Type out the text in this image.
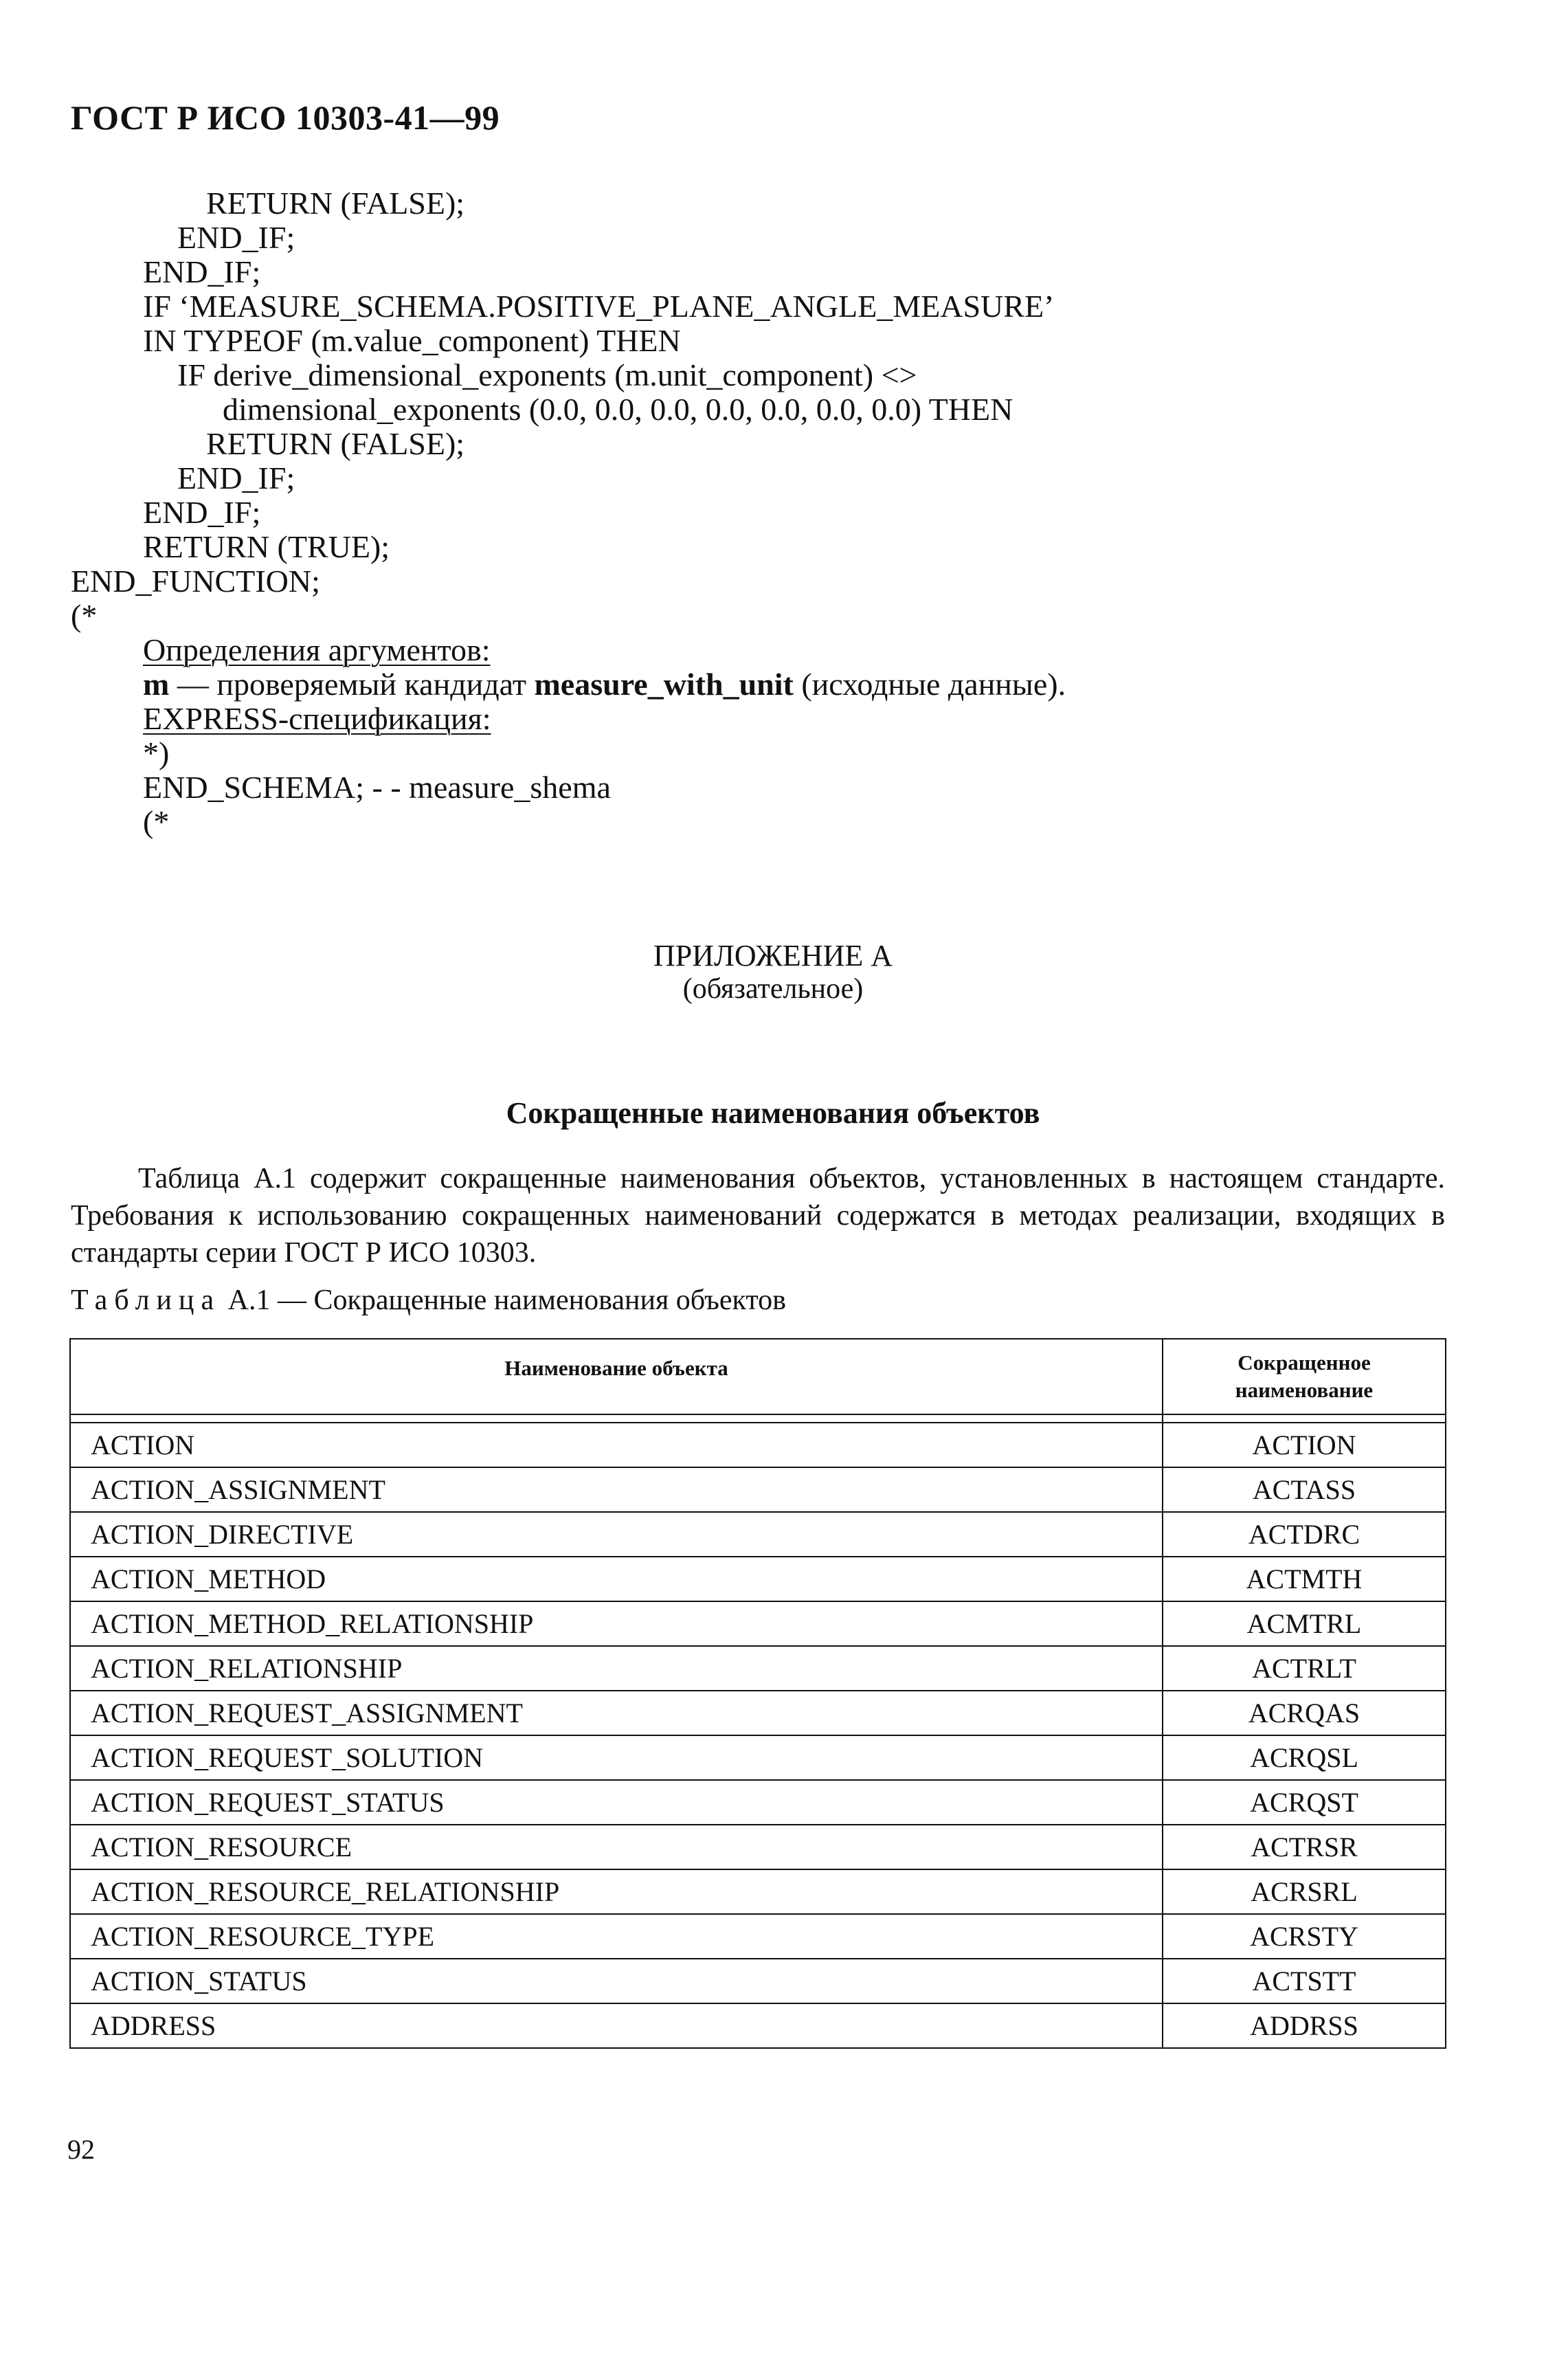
ГОСТ Р ИСО 10303-41—99

RETURN (FALSE);

END_IF;

END_IF;

IF ‘MEASURE_SCHEMA.POSITIVE_PLANE_ANGLE_MEASURE’

IN TYPEOF (m.value_component) THEN

IF derive_dimensional_exponents (m.unit_component) <>

dimensional_exponents (0.0, 0.0, 0.0, 0.0, 0.0, 0.0, 0.0) THEN

RETURN (FALSE);

END_IF;

END_IF;

RETURN (TRUE);

END_FUNCTION;

(*

Определения аргументов:

m — проверяемый кандидат measure_with_unit (исходные данные).

EXPRESS-спецификация:

*)

END_SCHEMA; - - measure_shema

(*

ПРИЛОЖЕНИЕ А
(обязательное)
Сокращенные наименования объектов
Таблица А.1 содержит сокращенные наименования объектов, установленных в настоящем стандарте. Требования к использованию сокращенных наименований содержатся в методах реализации, входящих в стандарты серии ГОСТ Р ИСО 10303.
Таблица А.1 — Сокращенные наименования объектов
Наименование объекта	Сокращенное
наименование

ACTION	ACTION
ACTION_ASSIGNMENT	ACTASS
ACTION_DIRECTIVE	ACTDRC
ACTION_METHOD	ACTMTH
ACTION_METHOD_RELATIONSHIP	ACMTRL
ACTION_RELATIONSHIP	ACTRLT
ACTION_REQUEST_ASSIGNMENT	ACRQAS
ACTION_REQUEST_SOLUTION	ACRQSL
ACTION_REQUEST_STATUS	ACRQST
ACTION_RESOURCE	ACTRSR
ACTION_RESOURCE_RELATIONSHIP	ACRSRL
ACTION_RESOURCE_TYPE	ACRSTY
ACTION_STATUS	ACTSTT
ADDRESS	ADDRSS
92
